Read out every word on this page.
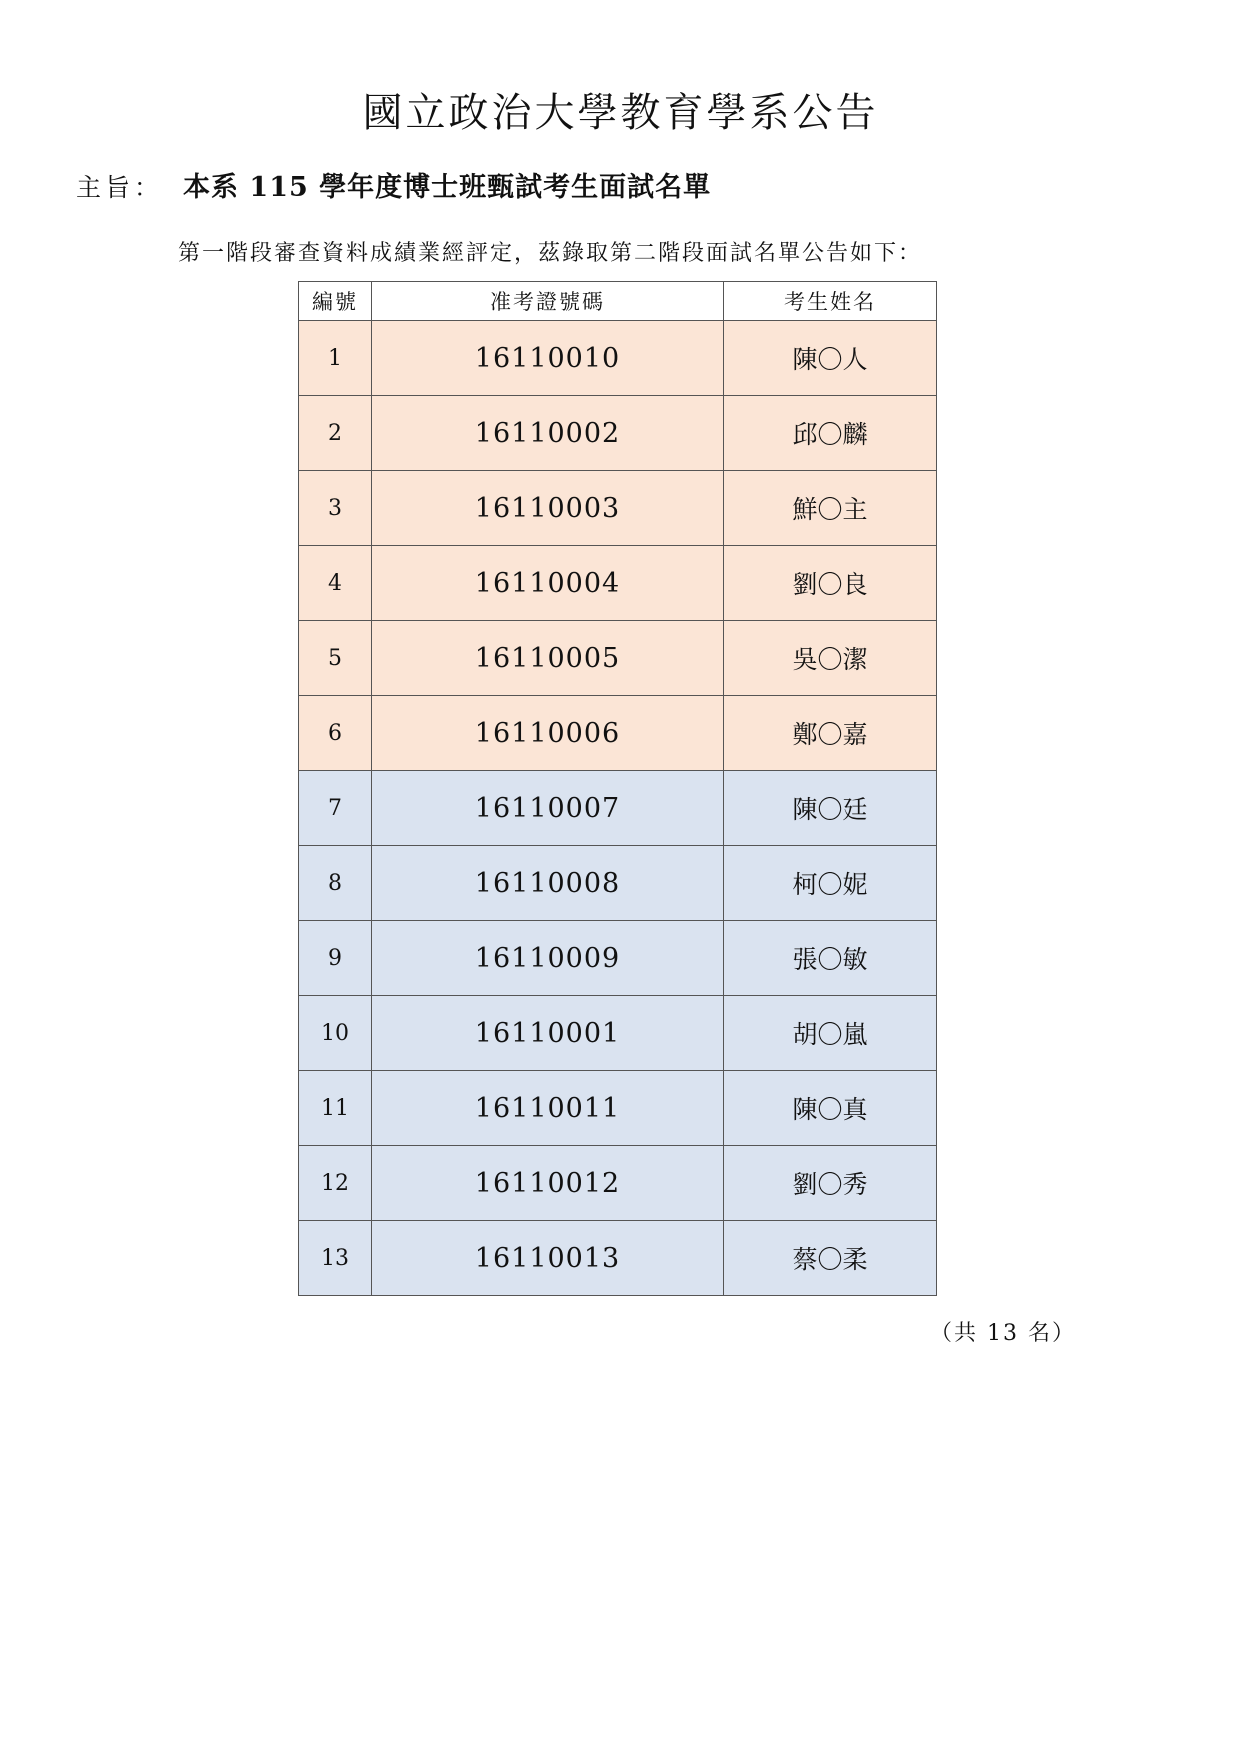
國立政治大學教育學系公告
主旨： 本系 115 學年度博士班甄試考生面試名單
第一階段審查資料成績業經評定，茲錄取第二階段面試名單公告如下：
編號	准考證號碼	考生姓名
1	16110010	陳〇人
2	16110002	邱〇麟
3	16110003	鮮〇主
4	16110004	劉〇良
5	16110005	吳〇潔
6	16110006	鄭〇嘉
7	16110007	陳〇廷
8	16110008	柯〇妮
9	16110009	張〇敏
10	16110001	胡〇嵐
11	16110011	陳〇真
12	16110012	劉〇秀
13	16110013	蔡〇柔
（共 13 名）
